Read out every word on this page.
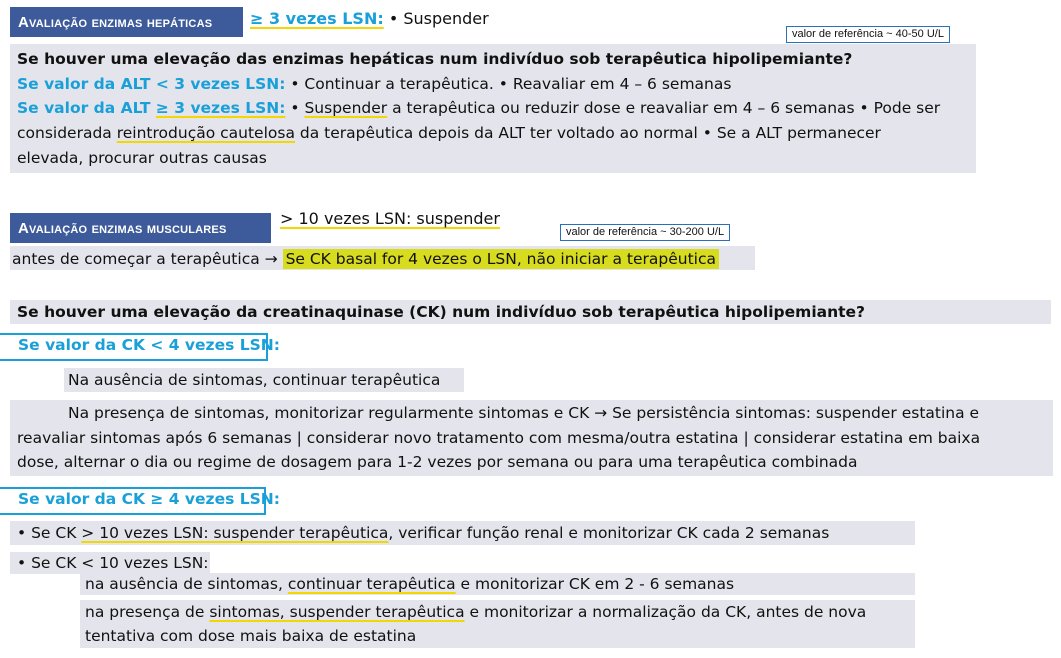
Avaliação enzimas hepáticas ≥ 3 vezes LSN: • Suspender
valor de referência ~ 40-50 U/L
Se houver uma elevação das enzimas hepáticas num indivíduo sob terapêutica hipolipemiante?
Se valor da ALT < 3 vezes LSN: • Continuar a terapêutica. • Reavaliar em 4 – 6 semanas
Se valor da ALT ≥ 3 vezes LSN: • Suspender a terapêutica ou reduzir dose e reavaliar em 4 – 6 semanas • Pode ser
considerada reintrodução cautelosa da terapêutica depois da ALT ter voltado ao normal • Se a ALT permanecer
elevada, procurar outras causas
Avaliação enzimas musculares	> 10 vezes LSN: suspender
valor de referência ~ 30-200 U/L
antes de começar a terapêutica → Se CK basal for 4 vezes o LSN, não iniciar a terapêutica
Se houver uma elevação da creatinaquinase (CK) num indivíduo sob terapêutica hipolipemiante?
Se valor da CK < 4 vezes LSN:
Na ausência de sintomas, continuar terapêutica
Na presença de sintomas, monitorizar regularmente sintomas e CK → Se persistência sintomas: suspender estatina e
reavaliar sintomas após 6 semanas | considerar novo tratamento com mesma/outra estatina | considerar estatina em baixa
dose, alternar o dia ou regime de dosagem para 1-2 vezes por semana ou para uma terapêutica combinada
Se valor da CK ≥ 4 vezes LSN:
• Se CK > 10 vezes LSN: suspender terapêutica, verificar função renal e monitorizar CK cada 2 semanas
• Se CK < 10 vezes LSN:
na ausência de sintomas, continuar terapêutica e monitorizar CK em 2 - 6 semanas
na presença de sintomas, suspender terapêutica e monitorizar a normalização da CK, antes de nova
tentativa com dose mais baixa de estatina
